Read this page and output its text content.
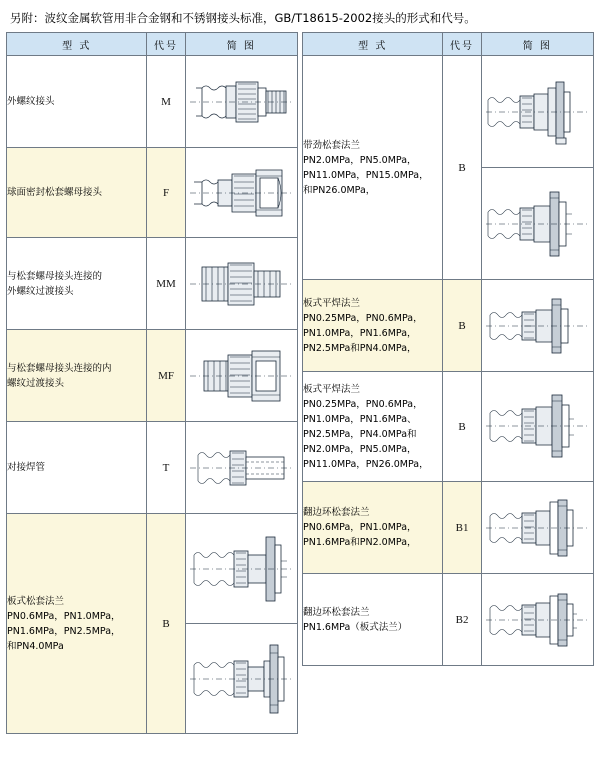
另附：波纹金属软管用非合金钢和不锈钢接头标准，GB/T18615-2002接头的形式和代号。
型 式	代号	简 图

外螺纹接头	M	

球面密封松套螺母接头	F	

与松套螺母接头连接的
外螺纹过渡接头	MM	

与松套螺母接头连接的内
螺纹过渡接头	MF	

对接焊管	T	

板式松套法兰
PN0.6MPa，PN1.0MPa，
PN1.6MPa，PN2.5MPa，
和PN4.0MPa	B	

型 式	代号	简 图

带劲松套法兰
PN2.0MPa，PN5.0MPa，
PN11.0MPa，PN15.0MPa，
和PN26.0MPa，	B	

板式平焊法兰
PN0.25MPa，PN0.6MPa，
PN1.0MPa，PN1.6MPa，
PN2.5MPa和PN4.0MPa，	B	

板式平焊法兰
PN0.25MPa，PN0.6MPa，
PN1.0MPa，PN1.6MPa、
PN2.5MPa，PN4.0MPa和
PN2.0MPa，PN5.0MPa，
PN11.0MPa，PN26.0MPa，
	B	

翻边环松套法兰
PN0.6MPa，PN1.0MPa，
PN1.6MPa和PN2.0MPa，	B1	

翻边环松套法兰
PN1.6MPa（板式法兰）	B2	
